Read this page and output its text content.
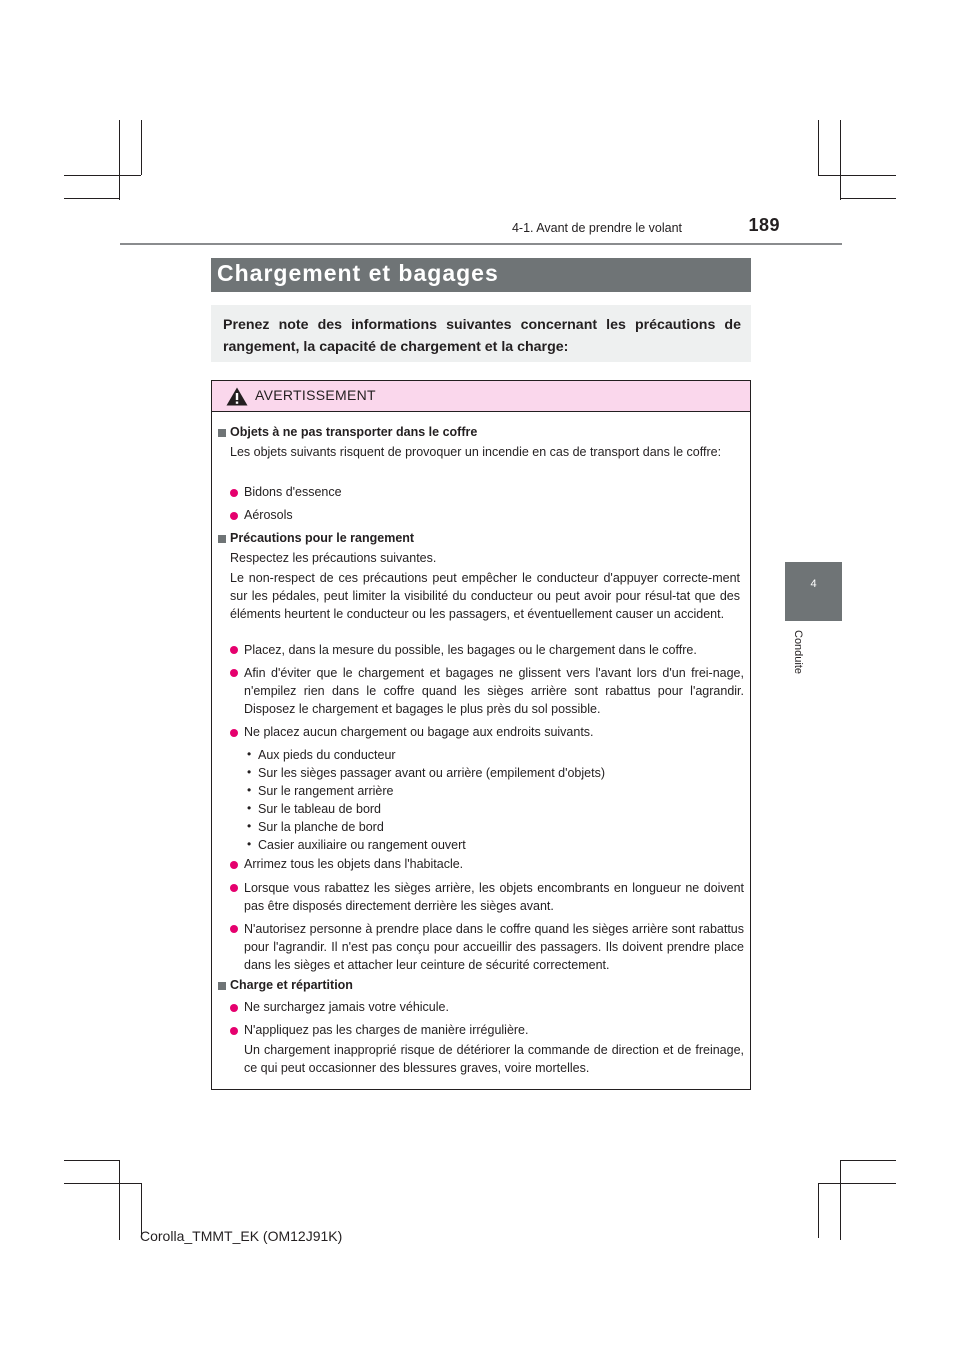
4-1. Avant de prendre le volant	189
4
Conduite
Chargement et bagages
Prenez note des informations suivantes concernant les précautions de rangement, la capacité de chargement et la charge:
AVERTISSEMENT
Objets à ne pas transporter dans le coffre
Les objets suivants risquent de provoquer un incendie en cas de transport dans le coffre:
Bidons d'essence
Aérosols
Précautions pour le rangement
Respectez les précautions suivantes.
Le non-respect de ces précautions peut empêcher le conducteur d'appuyer correcte-ment sur les pédales, peut limiter la visibilité du conducteur ou peut avoir pour résul-tat que des éléments heurtent le conducteur ou les passagers, et éventuellement causer un accident.
Placez, dans la mesure du possible, les bagages ou le chargement dans le coffre.
Afin d'éviter que le chargement et bagages ne glissent vers l'avant lors d'un frei-nage, n'empilez rien dans le coffre quand les sièges arrière sont rabattus pour l'agrandir. Disposez le chargement et bagages le plus près du sol possible.
Ne placez aucun chargement ou bagage aux endroits suivants.
• Aux pieds du conducteur
• Sur les sièges passager avant ou arrière (empilement d'objets)
• Sur le rangement arrière
• Sur le tableau de bord
• Sur la planche de bord
• Casier auxiliaire ou rangement ouvert
Arrimez tous les objets dans l'habitacle.
Lorsque vous rabattez les sièges arrière, les objets encombrants en longueur ne doivent pas être disposés directement derrière les sièges avant.
N'autorisez personne à prendre place dans le coffre quand les sièges arrière sont rabattus pour l'agrandir. Il n'est pas conçu pour accueillir des passagers. Ils doivent prendre place dans les sièges et attacher leur ceinture de sécurité correctement.
Charge et répartition
Ne surchargez jamais votre véhicule.
N'appliquez pas les charges de manière irrégulière.
Un chargement inapproprié risque de détériorer la commande de direction et de freinage, ce qui peut occasionner des blessures graves, voire mortelles.
Corolla_TMMT_EK (OM12J91K)
